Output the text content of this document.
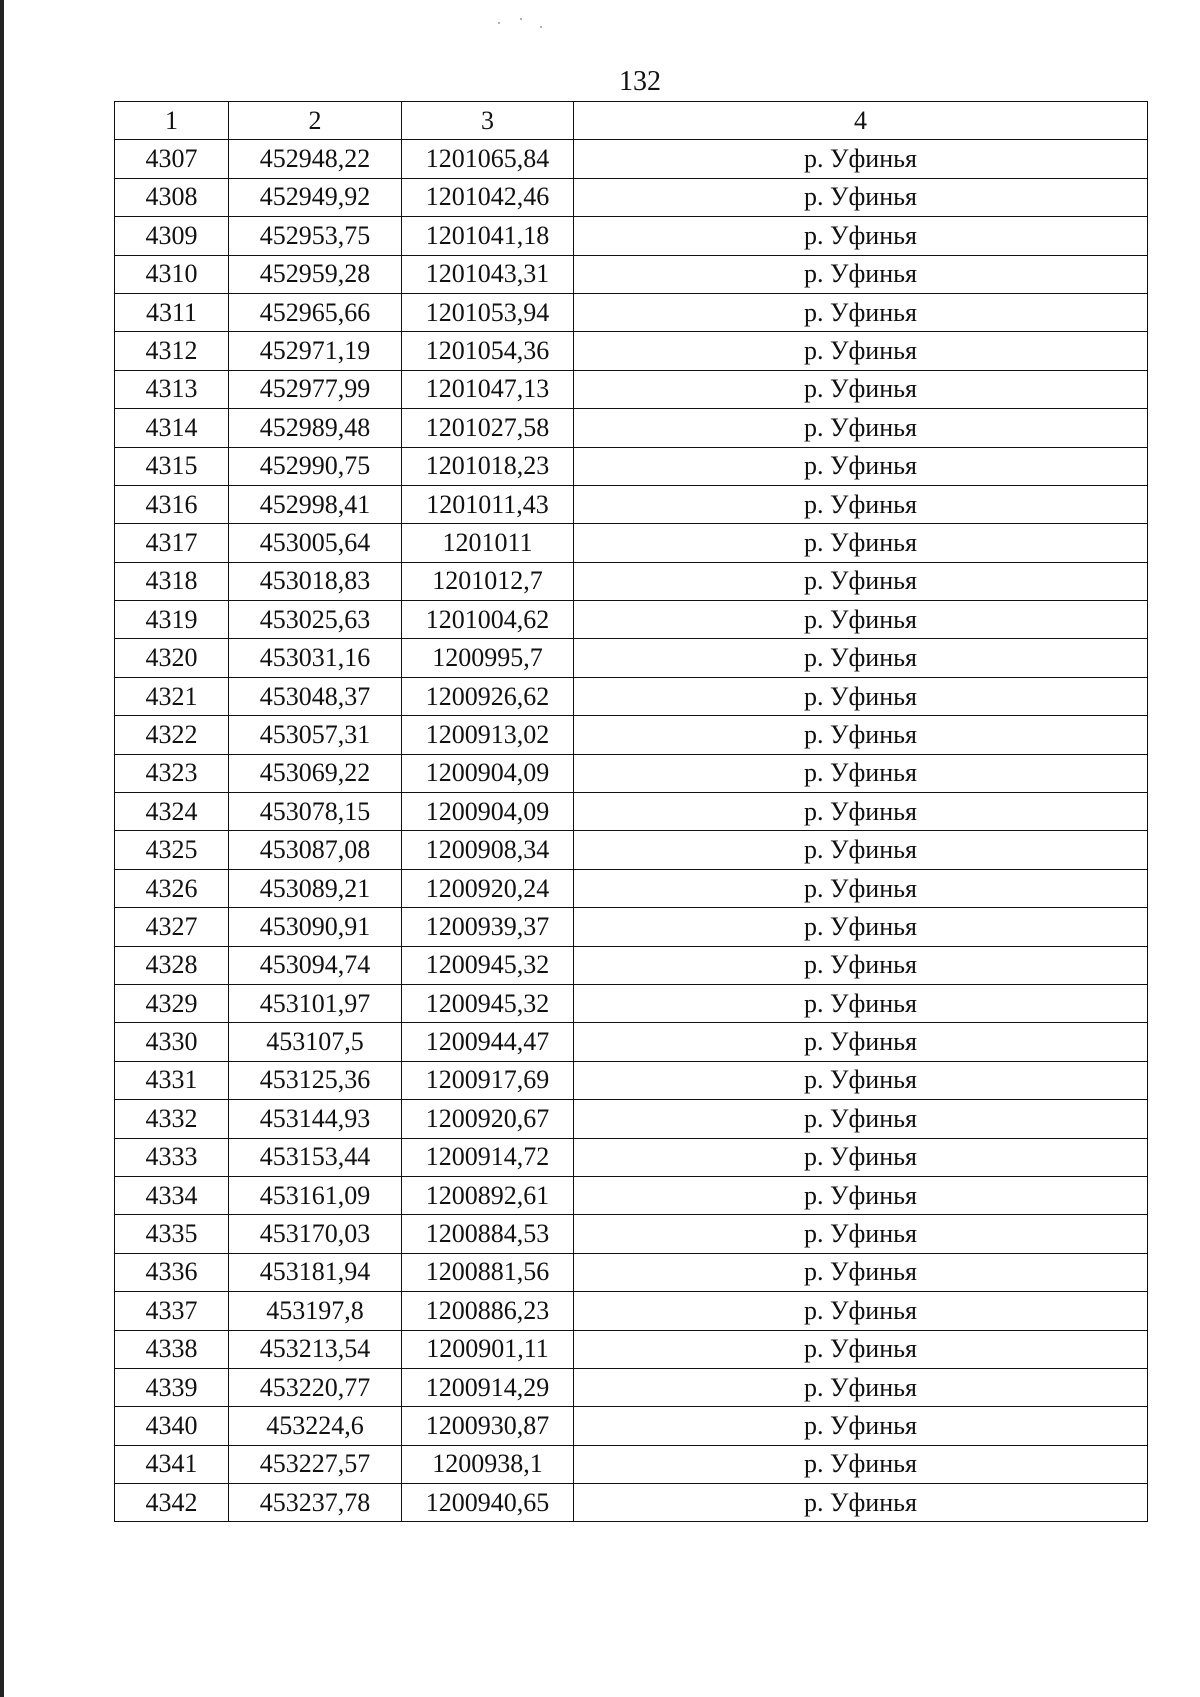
132
1	2	3	4
4307	452948,22	1201065,84	р. Уфинья
4308	452949,92	1201042,46	р. Уфинья
4309	452953,75	1201041,18	р. Уфинья
4310	452959,28	1201043,31	р. Уфинья
4311	452965,66	1201053,94	р. Уфинья
4312	452971,19	1201054,36	р. Уфинья
4313	452977,99	1201047,13	р. Уфинья
4314	452989,48	1201027,58	р. Уфинья
4315	452990,75	1201018,23	р. Уфинья
4316	452998,41	1201011,43	р. Уфинья
4317	453005,64	1201011	р. Уфинья
4318	453018,83	1201012,7	р. Уфинья
4319	453025,63	1201004,62	р. Уфинья
4320	453031,16	1200995,7	р. Уфинья
4321	453048,37	1200926,62	р. Уфинья
4322	453057,31	1200913,02	р. Уфинья
4323	453069,22	1200904,09	р. Уфинья
4324	453078,15	1200904,09	р. Уфинья
4325	453087,08	1200908,34	р. Уфинья
4326	453089,21	1200920,24	р. Уфинья
4327	453090,91	1200939,37	р. Уфинья
4328	453094,74	1200945,32	р. Уфинья
4329	453101,97	1200945,32	р. Уфинья
4330	453107,5	1200944,47	р. Уфинья
4331	453125,36	1200917,69	р. Уфинья
4332	453144,93	1200920,67	р. Уфинья
4333	453153,44	1200914,72	р. Уфинья
4334	453161,09	1200892,61	р. Уфинья
4335	453170,03	1200884,53	р. Уфинья
4336	453181,94	1200881,56	р. Уфинья
4337	453197,8	1200886,23	р. Уфинья
4338	453213,54	1200901,11	р. Уфинья
4339	453220,77	1200914,29	р. Уфинья
4340	453224,6	1200930,87	р. Уфинья
4341	453227,57	1200938,1	р. Уфинья
4342	453237,78	1200940,65	р. Уфинья
